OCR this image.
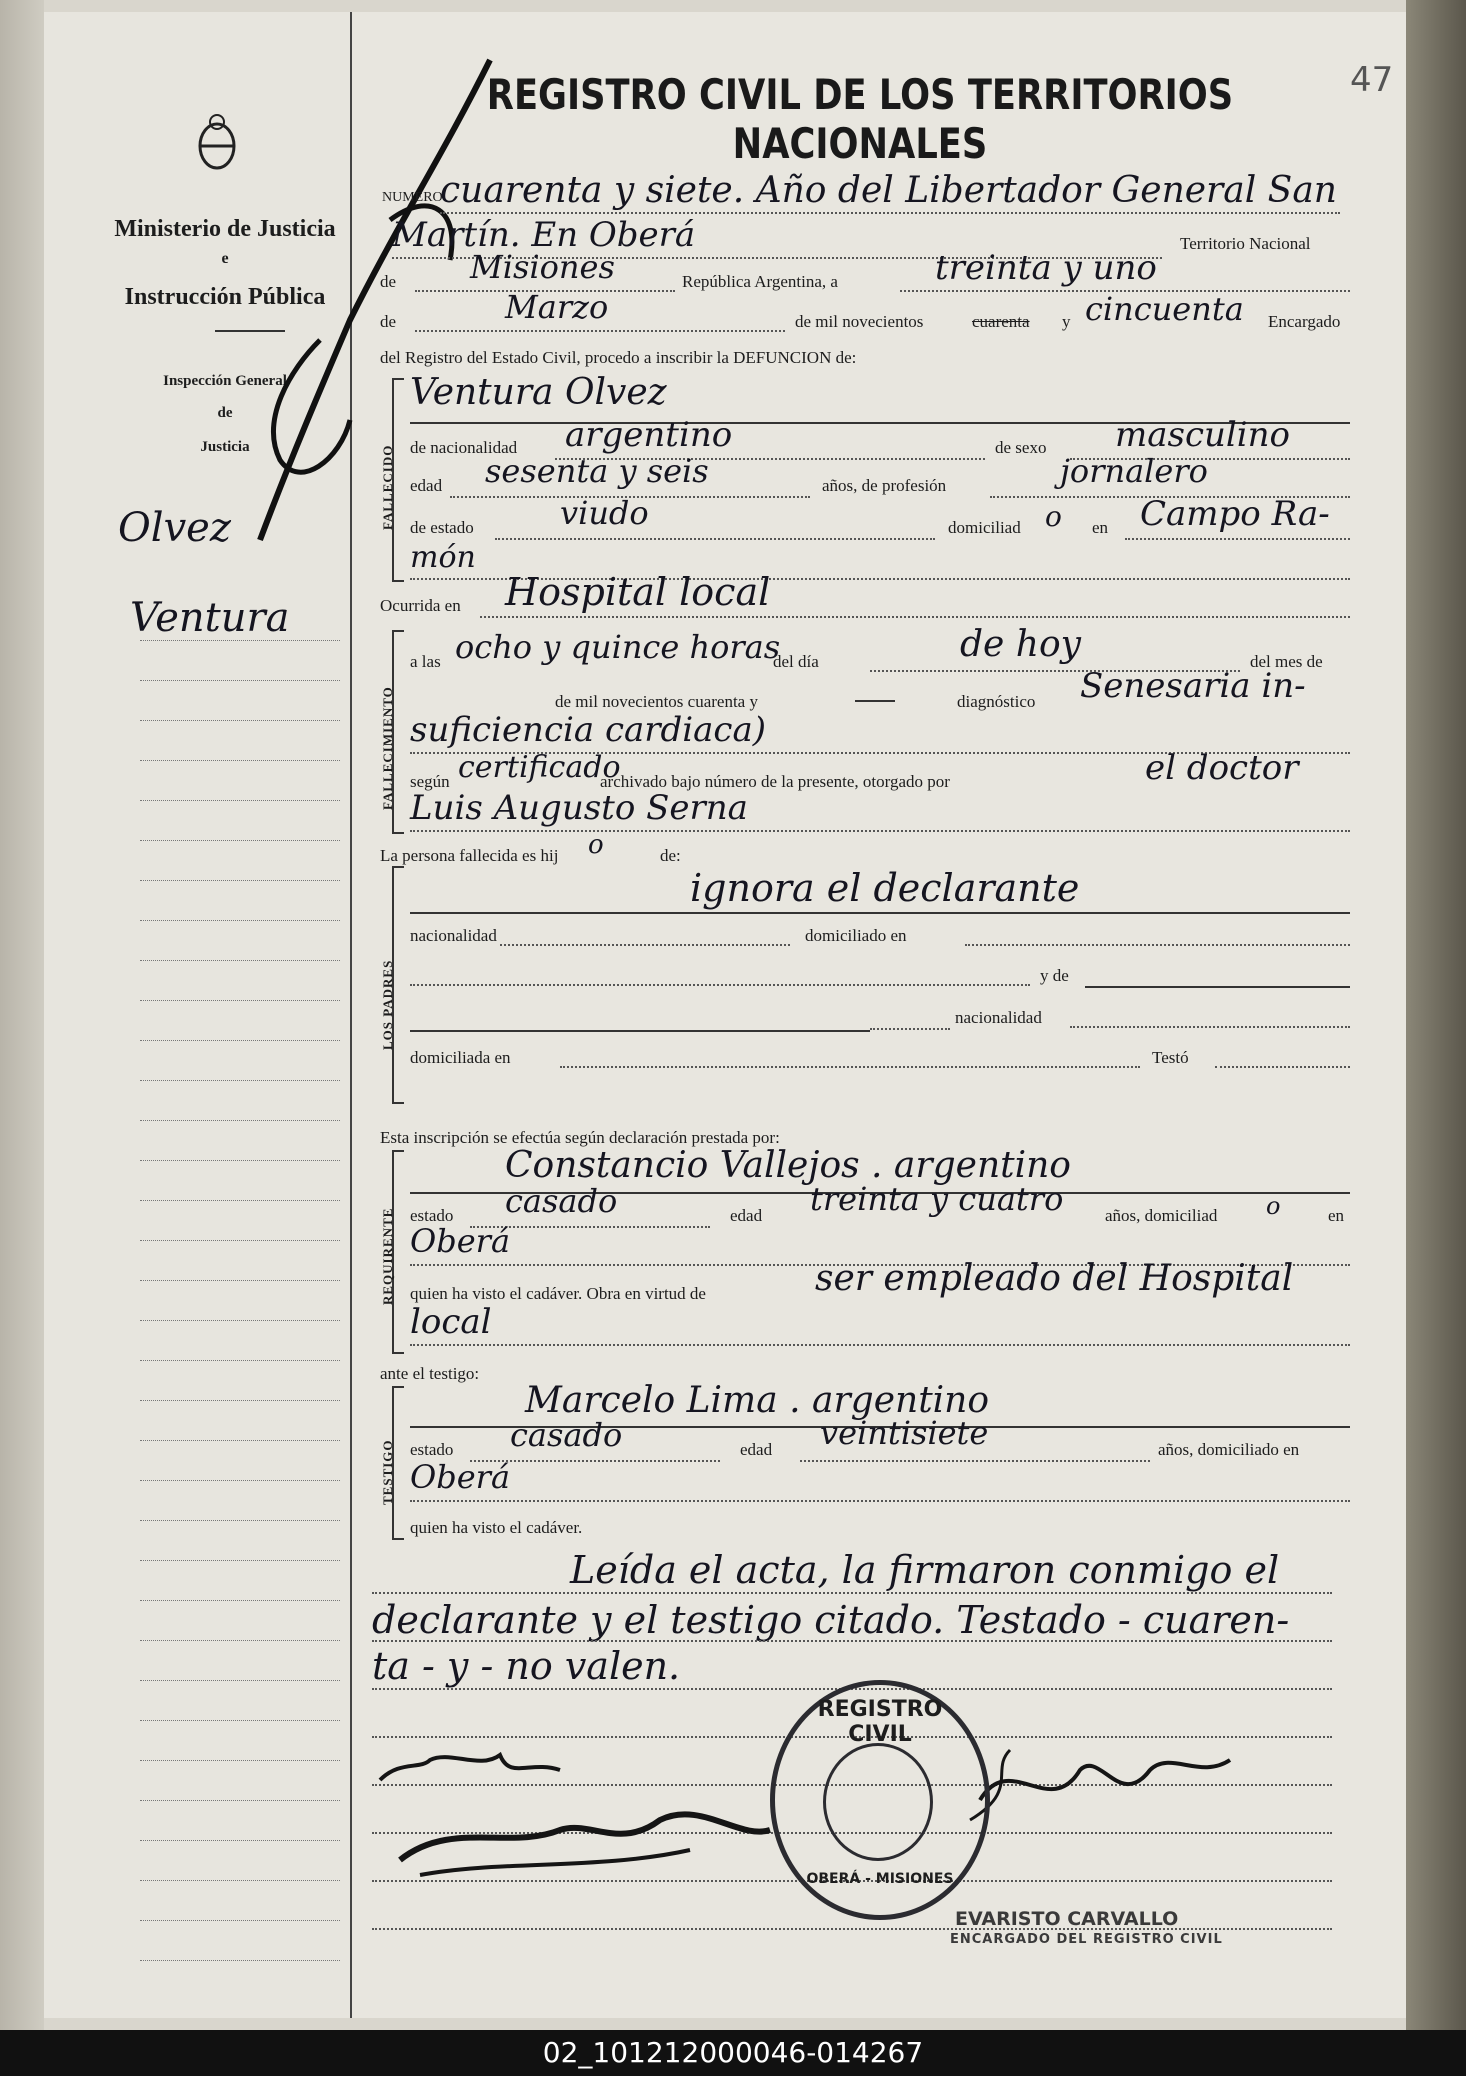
Ministerio de Justicia
e
Instrucción Pública
Inspección General
de
Justicia
Olvez
Ventura
REGISTRO CIVIL DE LOS TERRITORIOS NACIONALES
47
NUMERO
cuarenta y siete. Año del Libertador General San
Martín. En Oberá	Territorio Nacional
de Misiones	República Argentina, a	treinta y uno
de	Marzo	de mil novecientos	cuarenta y cincuenta Encargado
del Registro del Estado Civil, procedo a inscribir la DEFUNCION de:
FALLECIDO
Ventura Olvez
de nacionalidad argentino	de sexo masculino
edad sesenta y seis	años, de profesión	jornalero
de estado	viudo	domiciliad o en Campo Ra-
món
Ocurrida en Hospital local
FALLECIMIENTO
a las ocho y quince horas
del día	de hoy	del mes de
de mil novecientos cuarenta y	diagnóstico Senesaria in-
suficiencia cardiaca)
según certificado
archivado bajo número de la presente, otorgado por	el doctor
Luis Augusto Serna
La persona fallecida es hij o	de:
LOS PADRES
ignora el declarante
nacionalidad	domiciliado en
y de
nacionalidad
domiciliada en	Testó
Esta inscripción se efectúa según declaración prestada por:
REQUIRENTE
Constancio Vallejos . argentino
estado casado	edad treinta y cuatro años, domiciliad o	en
Oberá
quien ha visto el cadáver. Obra en virtud de	ser empleado del Hospital
local
ante el testigo:
TESTIGO
Marcelo Lima . argentino
estado casado	edad veintisiete	años, domiciliado en
Oberá
quien ha visto el cadáver.
Leída el acta, la firmaron conmigo el
declarante y el testigo citado. Testado - cuaren-
ta - y - no valen.
REGISTRO CIVIL
OBERÁ - MISIONES
EVARISTO CARVALLO
ENCARGADO DEL REGISTRO CIVIL
02_101212000046-014267
